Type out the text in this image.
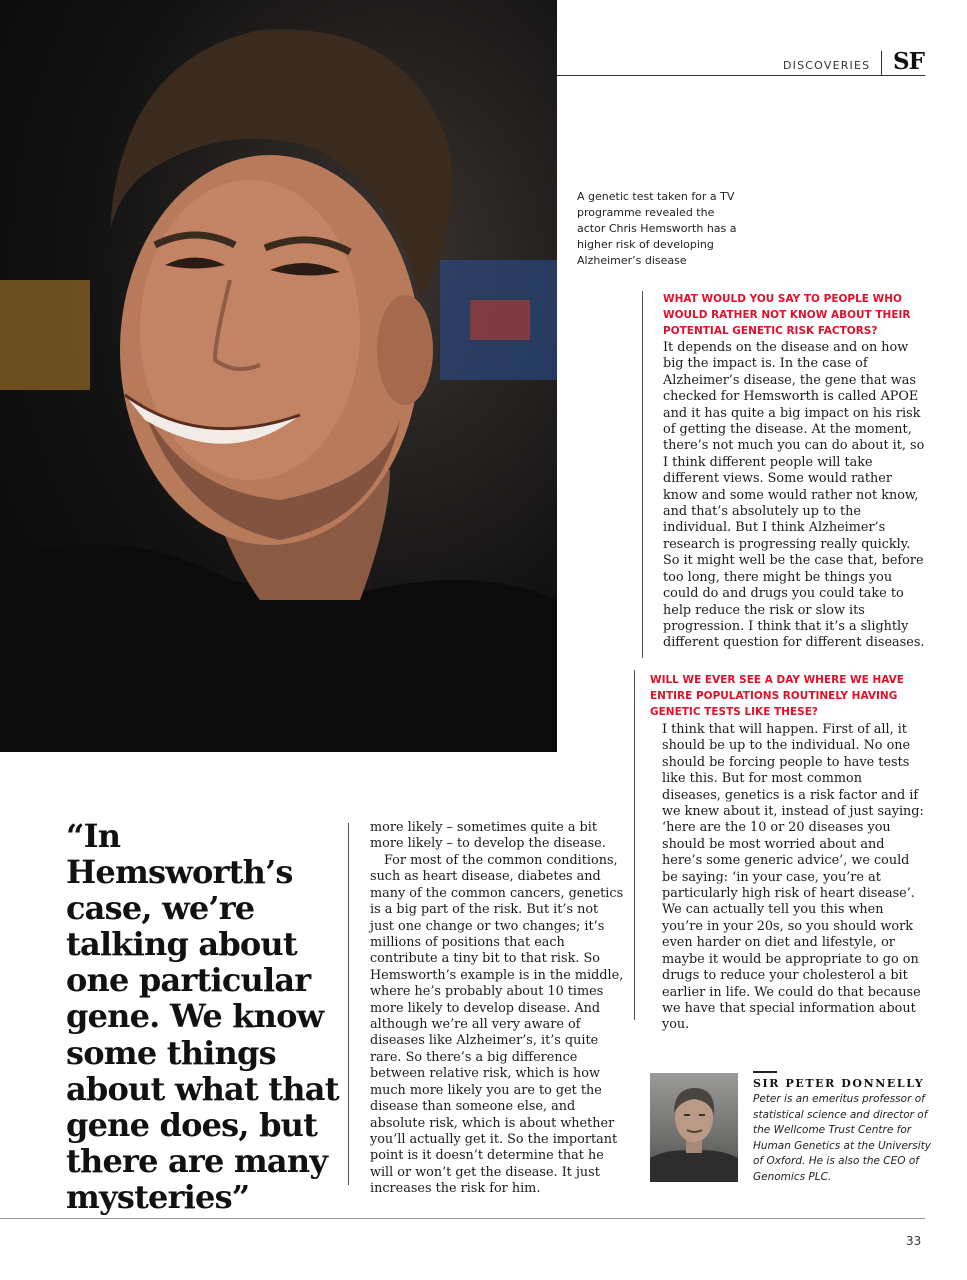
DISCOVERIES SF
A genetic test taken for a TV programme revealed the actor Chris Hemsworth has a higher risk of developing Alzheimer’s disease

WHAT WOULD YOU SAY TO PEOPLE WHO WOULD RATHER NOT KNOW ABOUT THEIR POTENTIAL GENETIC RISK FACTORS?

It depends on the disease and on how big the impact is. In the case of Alzheimer’s disease, the gene that was checked for Hemsworth is called APOE and it has quite a big impact on his risk of getting the disease. At the moment, there’s not much you can do about it, so I think different people will take different views. Some would rather know and some would rather not know, and that’s absolutely up to the individual. But I think Alzheimer’s research is progressing really quickly. So it might well be the case that, before too long, there might be things you could do and drugs you could take to help reduce the risk or slow its progression. I think that it’s a slightly different question for different diseases.

WILL WE EVER SEE A DAY WHERE WE HAVE ENTIRE POPULATIONS ROUTINELY HAVING GENETIC TESTS LIKE THESE?

I think that will happen. First of all, it should be up to the individual. No one should be forcing people to have tests like this. But for most common diseases, genetics is a risk factor and if we knew about it, instead of just saying: ‘here are the 10 or 20 diseases you should be most worried about and here’s some generic advice’, we could be saying: ‘in your case, you’re at particularly high risk of heart disease’. We can actually tell you this when you’re in your 20s, so you should work even harder on diet and lifestyle, or maybe it would be appropriate to go on drugs to reduce your cholesterol a bit earlier in life. We could do that because we have that special information about you.

“In Hemsworth’s case, we’re talking about one particular gene. We know some things about what that gene does, but there are many mysteries”

more likely – sometimes quite a bit more likely – to develop the disease.

For most of the common conditions, such as heart disease, diabetes and many of the common cancers, genetics is a big part of the risk. But it’s not just one change or two changes; it’s millions of positions that each contribute a tiny bit to that risk. So Hemsworth’s example is in the middle, where he’s probably about 10 times more likely to develop disease. And although we’re all very aware of diseases like Alzheimer’s, it’s quite rare. So there’s a big difference between relative risk, which is how much more likely you are to get the disease than someone else, and absolute risk, which is about whether you’ll actually get it. So the important point is it doesn’t determine that he will or won’t get the disease. It just increases the risk for him.

SIR PETER DONNELLY
Peter is an emeritus professor of statistical science and director of the Wellcome Trust Centre for Human Genetics at the University of Oxford. He is also the CEO of Genomics PLC.
33
